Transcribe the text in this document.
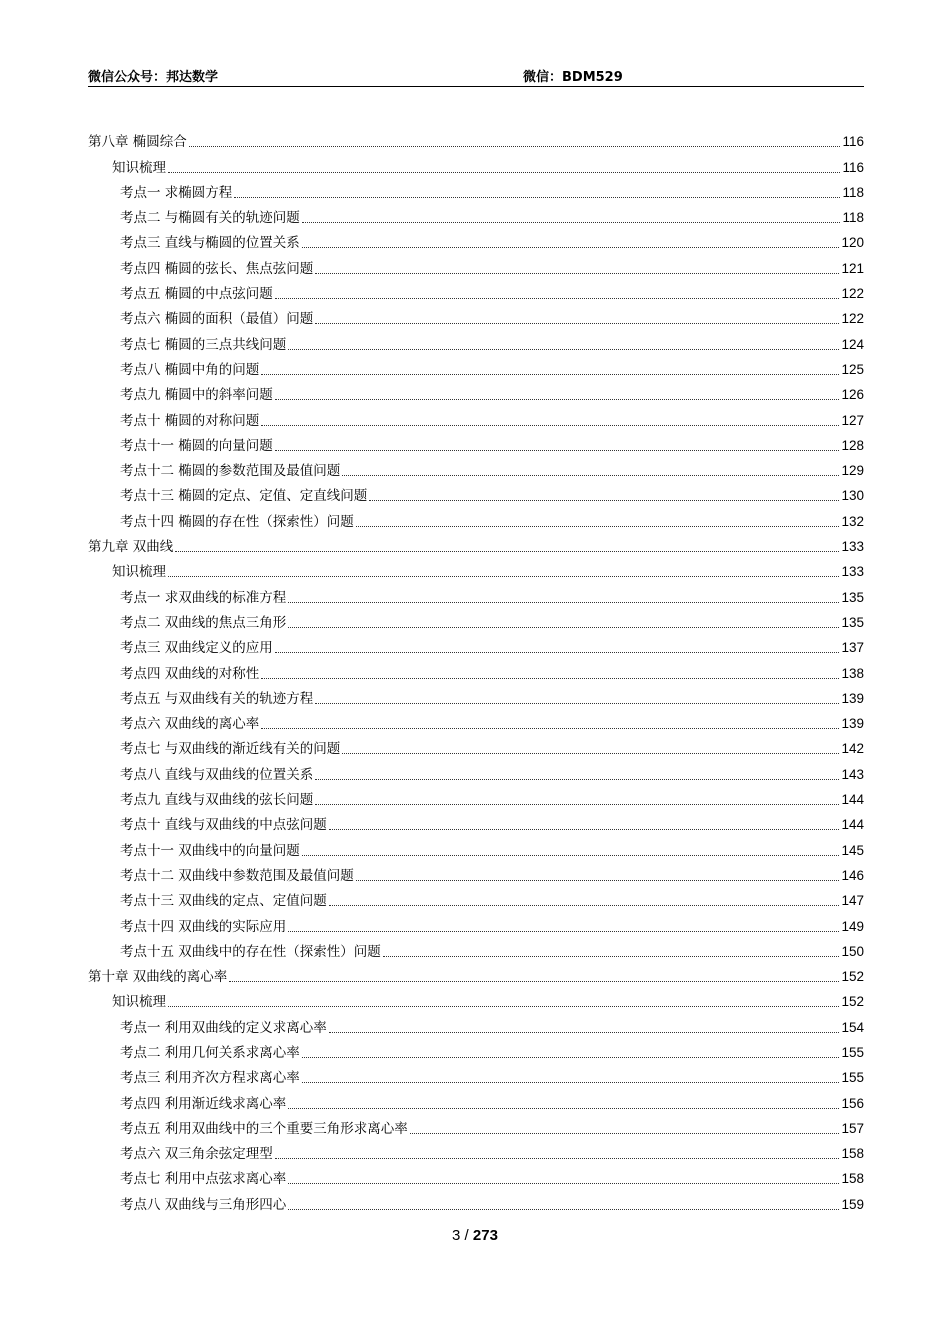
微信公众号：邦达数学	微信：BDM529
第八章 椭圆综合	116
知识梳理	116
考点一 求椭圆方程	118
考点二 与椭圆有关的轨迹问题	118
考点三 直线与椭圆的位置关系	120
考点四 椭圆的弦长、焦点弦问题	121
考点五 椭圆的中点弦问题	122
考点六 椭圆的面积（最值）问题	122
考点七 椭圆的三点共线问题	124
考点八 椭圆中角的问题	125
考点九 椭圆中的斜率问题	126
考点十 椭圆的对称问题	127
考点十一 椭圆的向量问题	128
考点十二 椭圆的参数范围及最值问题	129
考点十三 椭圆的定点、定值、定直线问题	130
考点十四 椭圆的存在性（探索性）问题	132
第九章 双曲线	133
知识梳理	133
考点一 求双曲线的标准方程	135
考点二 双曲线的焦点三角形	135
考点三 双曲线定义的应用	137
考点四 双曲线的对称性	138
考点五 与双曲线有关的轨迹方程	139
考点六 双曲线的离心率	139
考点七 与双曲线的渐近线有关的问题	142
考点八 直线与双曲线的位置关系	143
考点九 直线与双曲线的弦长问题	144
考点十 直线与双曲线的中点弦问题	144
考点十一 双曲线中的向量问题	145
考点十二 双曲线中参数范围及最值问题	146
考点十三 双曲线的定点、定值问题	147
考点十四 双曲线的实际应用	149
考点十五 双曲线中的存在性（探索性）问题	150
第十章 双曲线的离心率	152
知识梳理	152
考点一 利用双曲线的定义求离心率	154
考点二 利用几何关系求离心率	155
考点三 利用齐次方程求离心率	155
考点四 利用渐近线求离心率	156
考点五 利用双曲线中的三个重要三角形求离心率	157
考点六 双三角余弦定理型	158
考点七 利用中点弦求离心率	158
考点八 双曲线与三角形四心	159
3 / 273
